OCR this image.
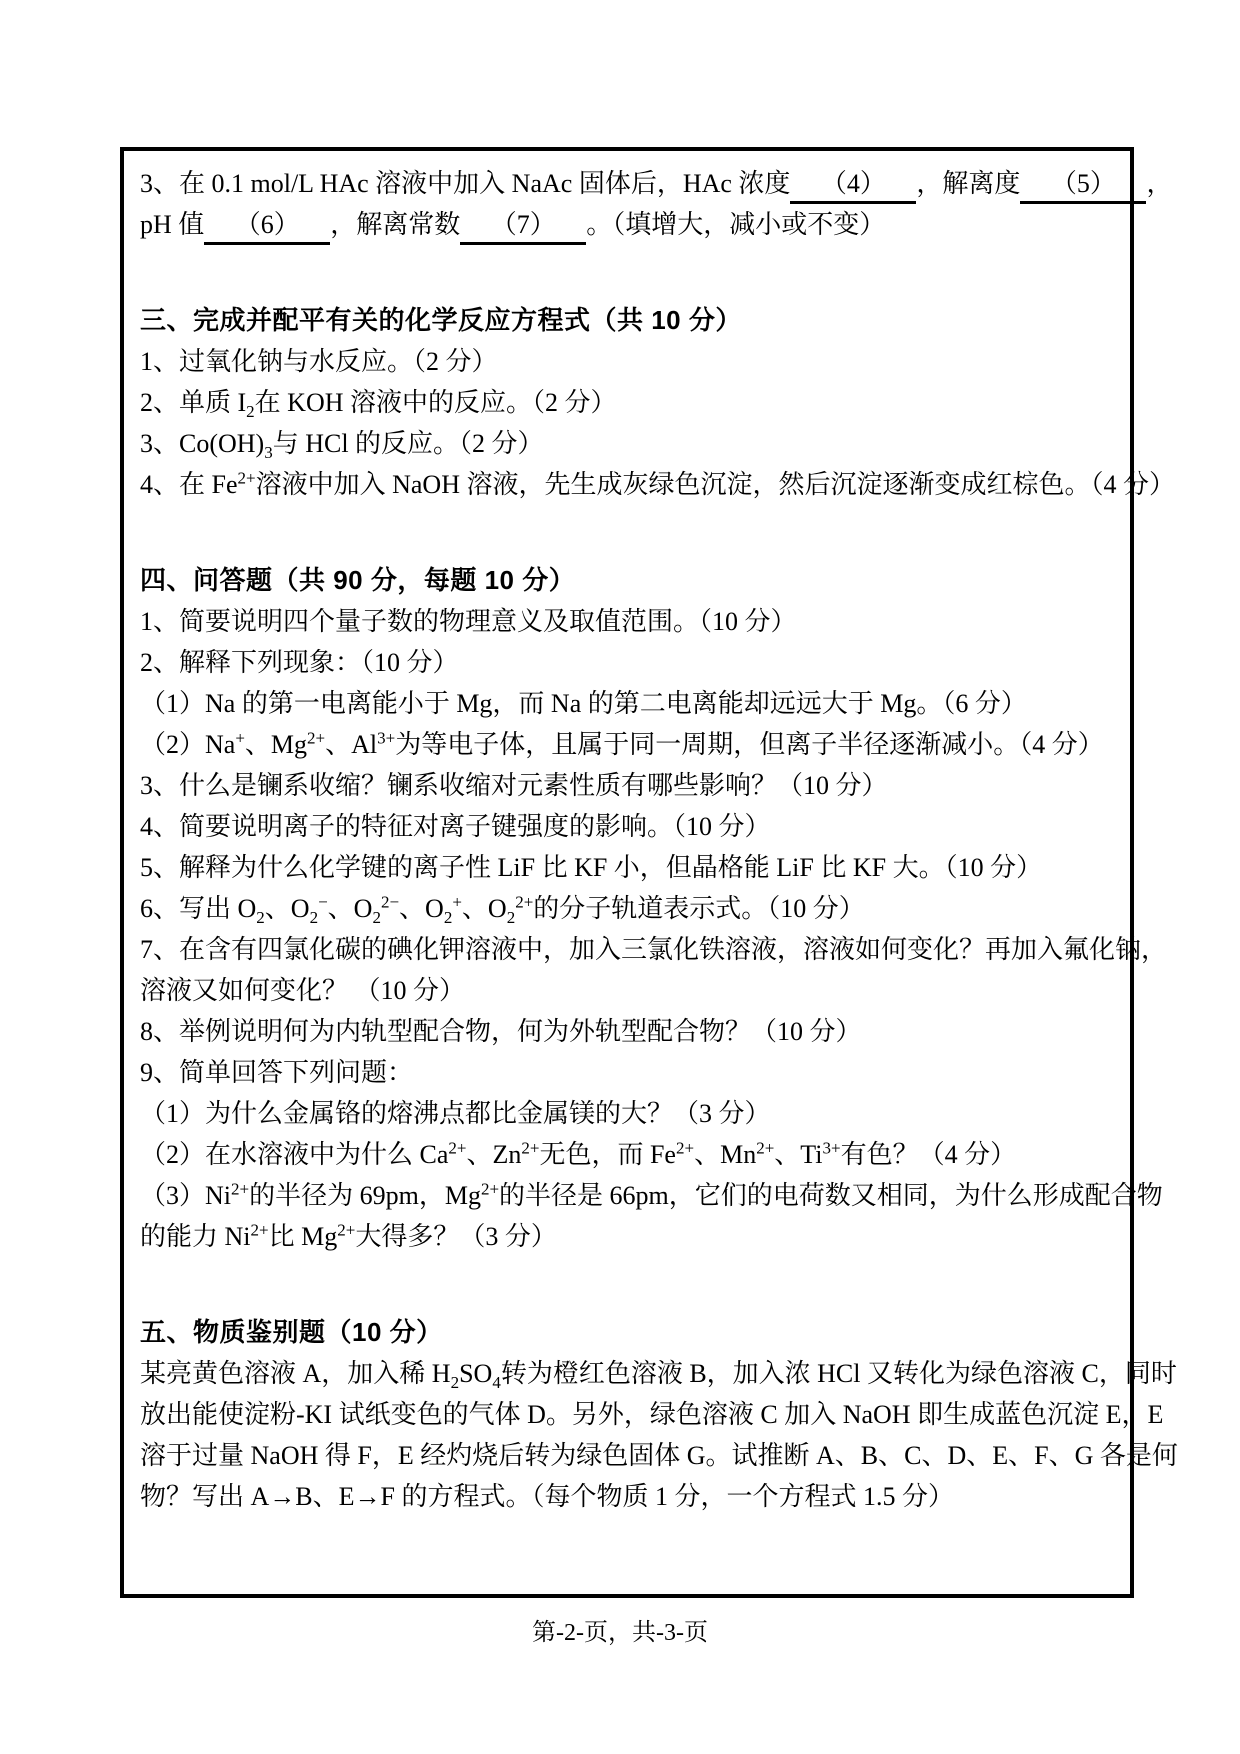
3、在 0.1 mol/L HAc 溶液中加入 NaAc 固体后，HAc 浓度 （4） ，解离度 （5） ，
pH 值 （6） ，解离常数 （7） 。（填增大，减小或不变）
三、完成并配平有关的化学反应方程式（共 10 分）
1、过氧化钠与水反应。（2 分）
2、单质 $I_2$在 KOH 溶液中的反应。（2 分）
3、$Co(OH)_3$与 HCl 的反应。（2 分）
4、在 $Fe^{2+}$溶液中加入 NaOH 溶液，先生成灰绿色沉淀，然后沉淀逐渐变成红棕色。（4 分）
四、问答题（共 90 分，每题 10 分）
1、简要说明四个量子数的物理意义及取值范围。（10 分）
2、解释下列现象：（10 分）
（1）Na 的第一电离能小于 Mg，而 Na 的第二电离能却远远大于 Mg。（6 分）
（2）Na+、$Mg^{2+}$、$Al^{3+}$为等电子体，且属于同一周期，但离子半径逐渐减小。（4 分）
3、什么是镧系收缩？镧系收缩对元素性质有哪些影响？（10 分）
4、简要说明离子的特征对离子键强度的影响。（10 分）
5、解释为什么化学键的离子性 LiF 比 KF 小，但晶格能 LiF 比 KF 大。（10 分）
6、写出 $O_2$、$O_2^-$、$O_2^{2-}$、$O_2^+$、$O_2^{2+}$的分子轨道表示式。（10 分）
7、在含有四氯化碳的碘化钾溶液中，加入三氯化铁溶液，溶液如何变化？再加入氟化钠，
溶液又如何变化？ （10 分）
8、举例说明何为内轨型配合物，何为外轨型配合物？（10 分）
9、简单回答下列问题：
（1）为什么金属铬的熔沸点都比金属镁的大？（3 分）
（2）在水溶液中为什么 $Ca^{2+}$、$Zn^{2+}$无色，而 $Fe^{2+}$、$Mn^{2+}$、$Ti^{3+}$有色？（4 分）
$(3)Ni^{2+}$的半径为 69pm，$Mg^{2+}$的半径是 66pm，它们的电荷数又相同，为什么形成配合物
的能力 $Ni^{2+}$比 $Mg^{2+}$大得多？（3 分）
五、物质鉴别题（10 分）
某亮黄色溶液 A，加入稀 $H_2SO_4$转为橙红色溶液 B，加入浓 HCl 又转化为绿色溶液 C，同时
放出能使淀粉-KI 试纸变色的气体 D。另外，绿色溶液 C 加入 NaOH 即生成蓝色沉淀 E，E
溶于过量 NaOH 得 F，E 经灼烧后转为绿色固体 G。试推断 A、B、C、D、E、F、G 各是何
物？写出 A→B、E→F 的方程式。（每个物质 1 分，一个方程式 1.5 分）
第-2-页，共-3-页
